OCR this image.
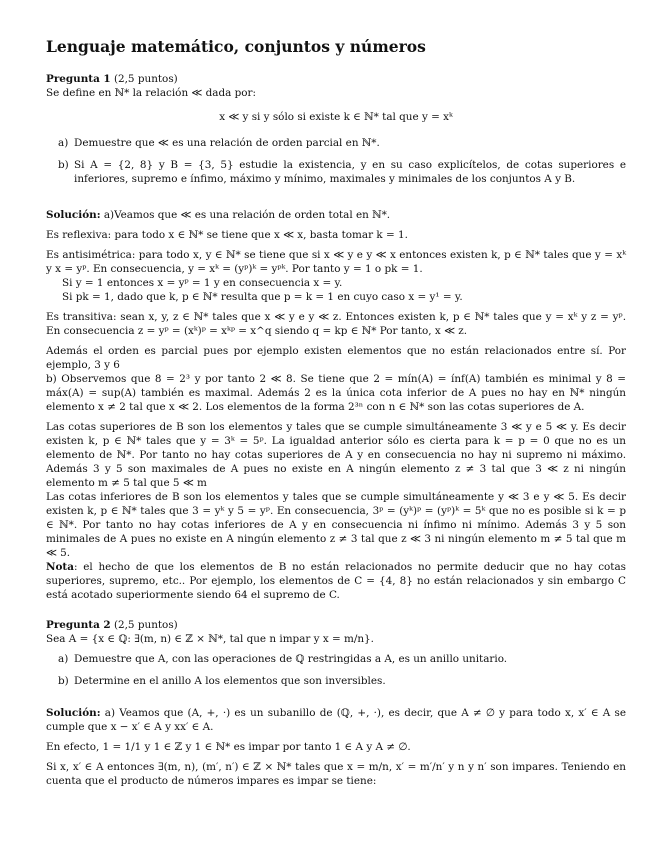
Lenguaje matemático, conjuntos y números

Pregunta 1 (2,5 puntos)

Se define en ℕ* la relación ≪ dada por:

x ≪ y si y sólo si existe k ∈ ℕ* tal que y = xᵏ

a) Demuestre que ≪ es una relación de orden parcial en ℕ*.
b) Si A = {2, 8} y B = {3, 5} estudie la existencia, y en su caso explicítelos, de cotas superiores e inferiores, supremo e ínfimo, máximo y mínimo, maximales y minimales de los conjuntos A y B.

Solución: a)Veamos que ≪ es una relación de orden total en ℕ*.

Es reflexiva: para todo x ∈ ℕ* se tiene que x ≪ x, basta tomar k = 1.

Es antisimétrica: para todo x, y ∈ ℕ* se tiene que si x ≪ y e y ≪ x entonces existen k, p ∈ ℕ* tales que y = xᵏ y x = yᵖ. En consecuencia, y = xᵏ = (yᵖ)ᵏ = yᵖᵏ. Por tanto y = 1 o pk = 1.

Si y = 1 entonces x = yᵖ = 1 y en consecuencia x = y.

Si pk = 1, dado que k, p ∈ ℕ* resulta que p = k = 1 en cuyo caso x = y¹ = y.

Es transitiva: sean x, y, z ∈ ℕ* tales que x ≪ y e y ≪ z. Entonces existen k, p ∈ ℕ* tales que y = xᵏ y z = yᵖ. En consecuencia z = yᵖ = (xᵏ)ᵖ = xᵏᵖ = x^q siendo q = kp ∈ ℕ* Por tanto, x ≪ z.

Además el orden es parcial pues por ejemplo existen elementos que no están relacionados entre sí. Por ejemplo, 3 y 6

b) Observemos que 8 = 2³ y por tanto 2 ≪ 8. Se tiene que 2 = mín(A) = ínf(A) también es minimal y 8 = máx(A) = sup(A) también es maximal. Además 2 es la única cota inferior de A pues no hay en ℕ* ningún elemento x ≠ 2 tal que x ≪ 2. Los elementos de la forma 2³ⁿ con n ∈ ℕ* son las cotas superiores de A.

Las cotas superiores de B son los elementos y tales que se cumple simultáneamente 3 ≪ y e 5 ≪ y. Es decir existen k, p ∈ ℕ* tales que y = 3ᵏ = 5ᵖ. La igualdad anterior sólo es cierta para k = p = 0 que no es un elemento de ℕ*. Por tanto no hay cotas superiores de A y en consecuencia no hay ni supremo ni máximo. Además 3 y 5 son maximales de A pues no existe en A ningún elemento z ≠ 3 tal que 3 ≪ z ni ningún elemento m ≠ 5 tal que 5 ≪ m

Las cotas inferiores de B son los elementos y tales que se cumple simultáneamente y ≪ 3 e y ≪ 5. Es decir existen k, p ∈ ℕ* tales que 3 = yᵏ y 5 = yᵖ. En consecuencia, 3ᵖ = (yᵏ)ᵖ = (yᵖ)ᵏ = 5ᵏ que no es posible si k = p ∈ ℕ*. Por tanto no hay cotas inferiores de A y en consecuencia ni ínfimo ni mínimo. Además 3 y 5 son minimales de A pues no existe en A ningún elemento z ≠ 3 tal que z ≪ 3 ni ningún elemento m ≠ 5 tal que m ≪ 5.

Nota: el hecho de que los elementos de B no están relacionados no permite deducir que no hay cotas superiores, supremo, etc.. Por ejemplo, los elementos de C = {4, 8} no están relacionados y sin embargo C está acotado superiormente siendo 64 el supremo de C.

Pregunta 2 (2,5 puntos)

Sea A = {x ∈ ℚ: ∃(m, n) ∈ ℤ × ℕ*, tal que n impar y x = m/n}.

a) Demuestre que A, con las operaciones de ℚ restringidas a A, es un anillo unitario.
b) Determine en el anillo A los elementos que son inversibles.

Solución: a) Veamos que (A, +, ·) es un subanillo de (ℚ, +, ·), es decir, que A ≠ ∅ y para todo x, x′ ∈ A se cumple que x − x′ ∈ A y xx′ ∈ A.

En efecto, 1 = 1/1 y 1 ∈ ℤ y 1 ∈ ℕ* es impar por tanto 1 ∈ A y A ≠ ∅.

Si x, x′ ∈ A entonces ∃(m, n), (m′, n′) ∈ ℤ × ℕ* tales que x = m/n, x′ = m′/n′ y n y n′ son impares. Teniendo en cuenta que el producto de números impares es impar se tiene:
